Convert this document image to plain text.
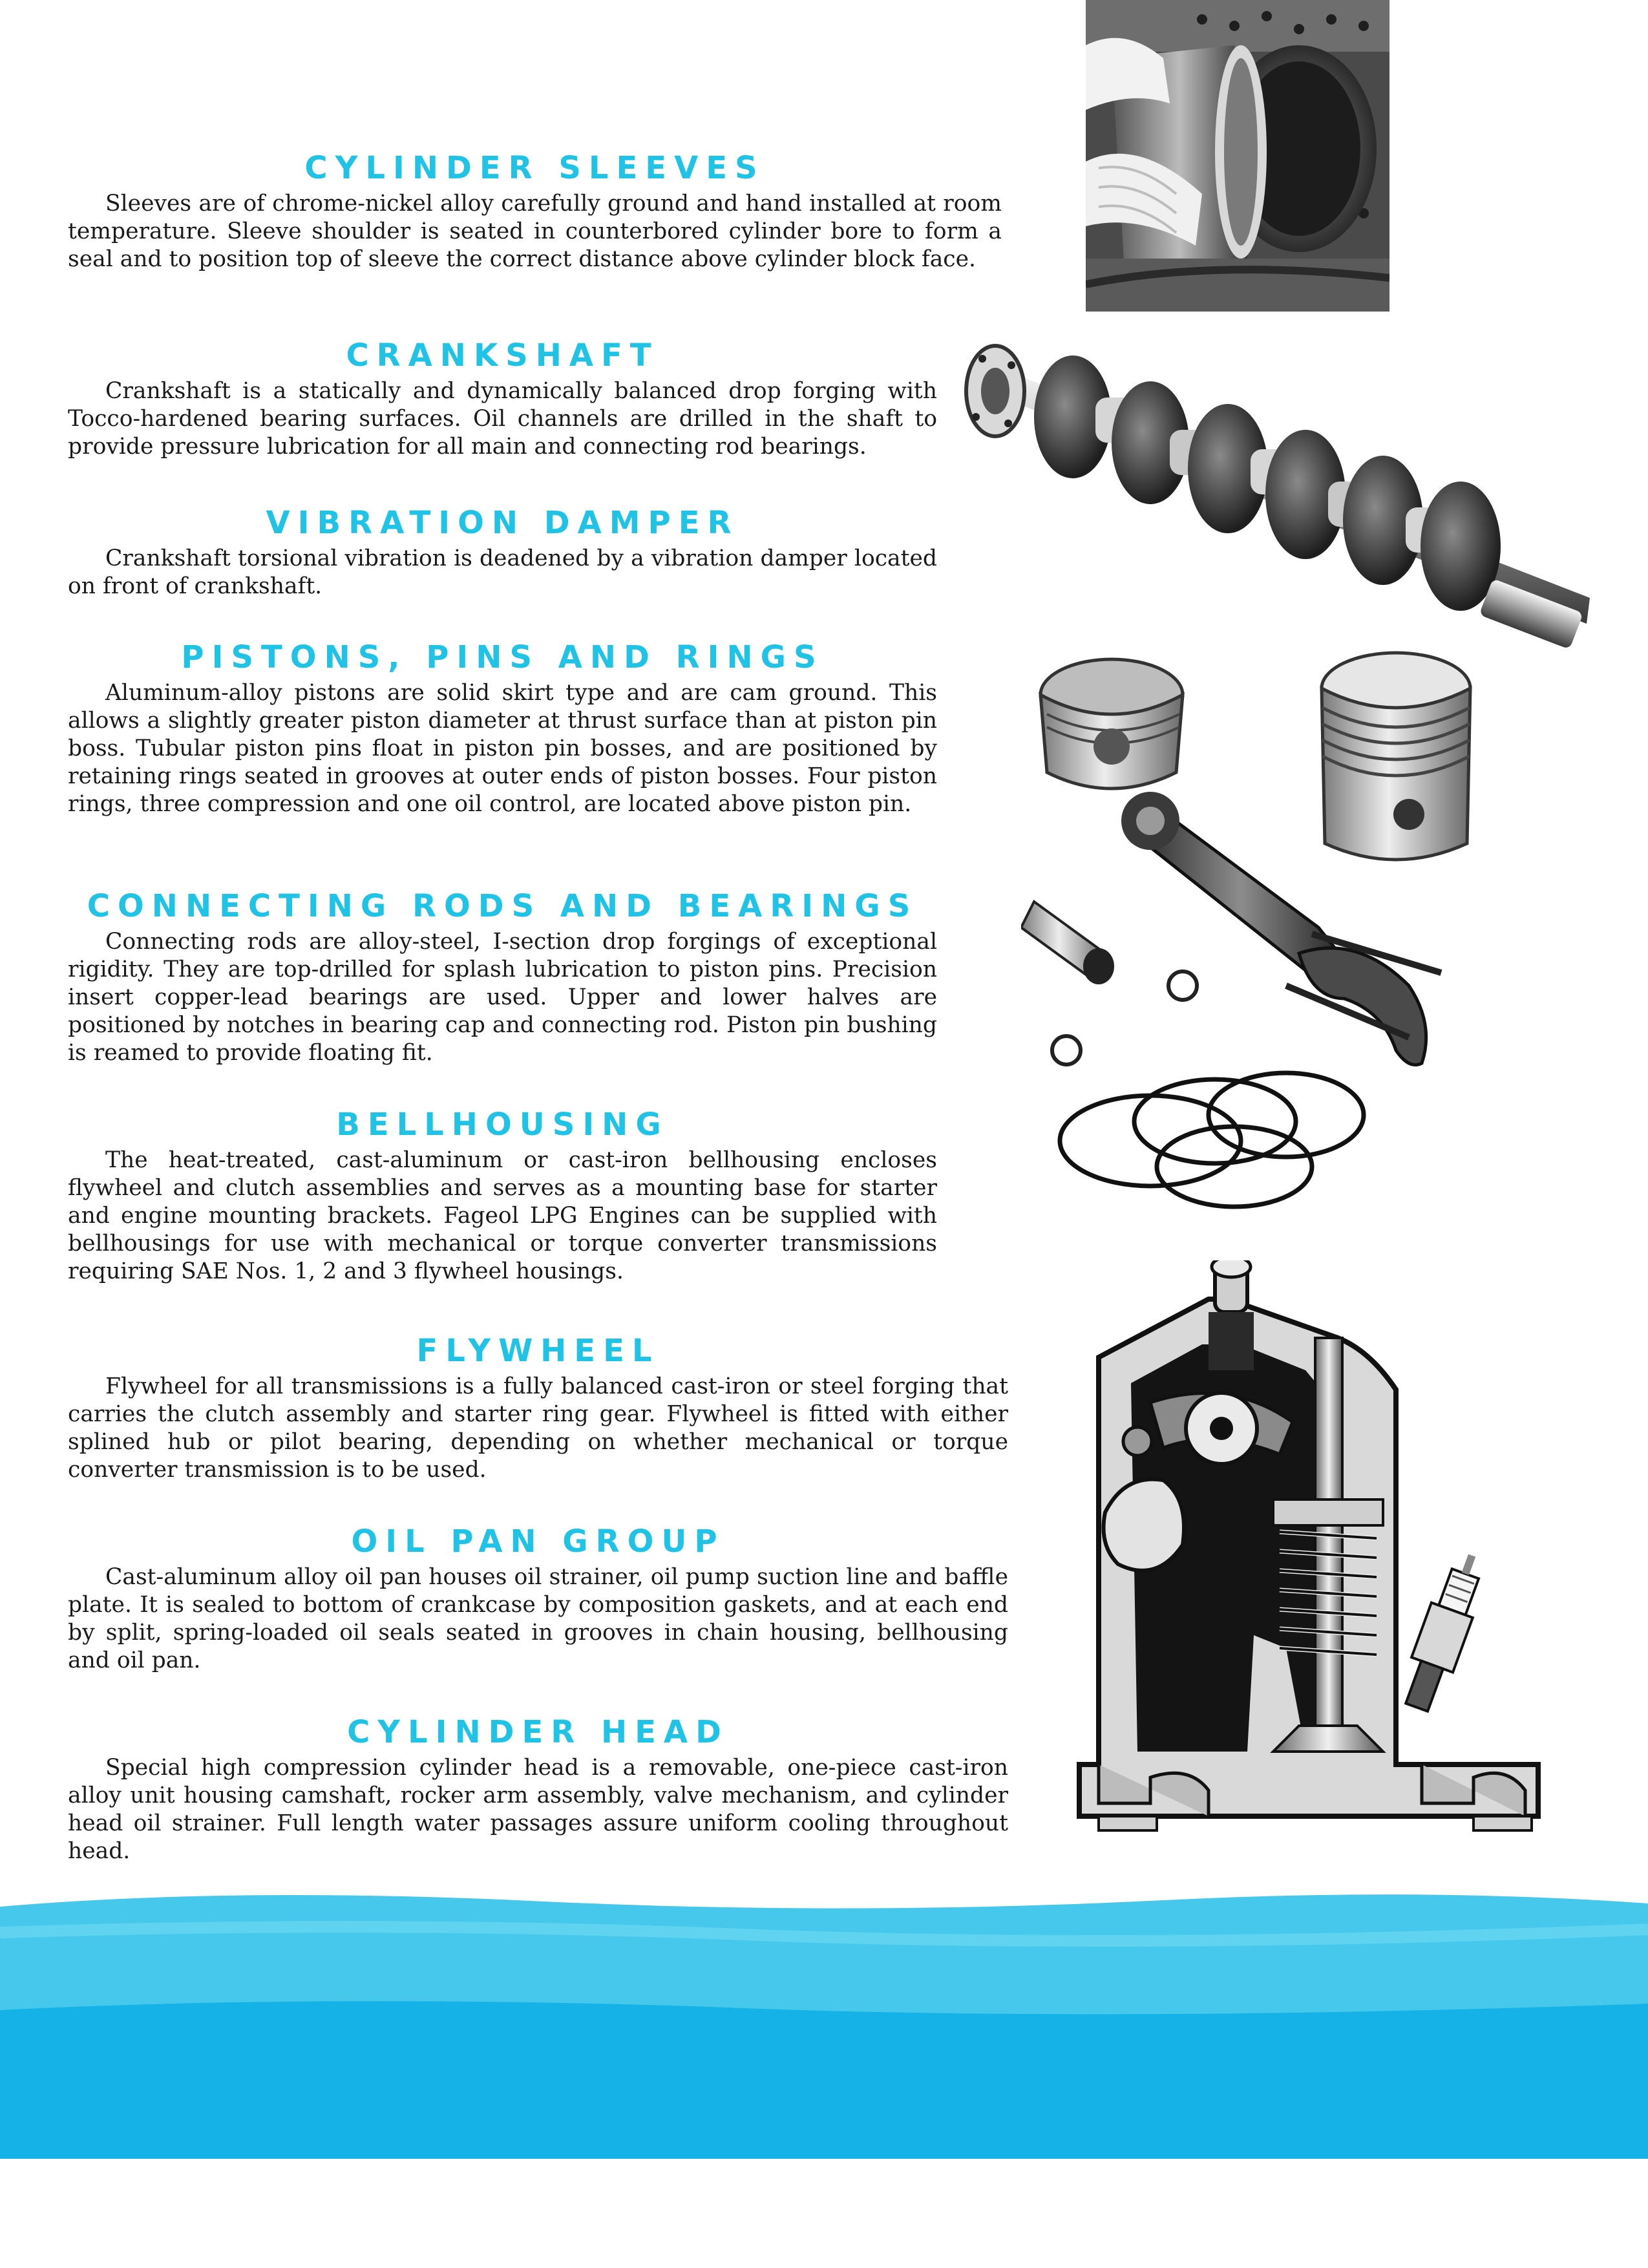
CYLINDER SLEEVES

Sleeves are of chrome-nickel alloy carefully ground and hand installed at room temperature. Sleeve shoulder is seated in counterbored cylinder bore to form a seal and to position top of sleeve the correct distance above cylinder block face.

CRANKSHAFT

Crankshaft is a statically and dynamically balanced drop forging with Tocco-hardened bearing surfaces. Oil channels are drilled in the shaft to provide pressure lubrication for all main and connecting rod bearings.

VIBRATION DAMPER

Crankshaft torsional vibration is deadened by a vibration damper located on front of crankshaft.

PISTONS, PINS AND RINGS

Aluminum-alloy pistons are solid skirt type and are cam ground. This allows a slightly greater piston diameter at thrust surface than at piston pin boss. Tubular piston pins float in piston pin bosses, and are positioned by retaining rings seated in grooves at outer ends of piston bosses. Four piston rings, three compression and one oil control, are located above piston pin.

CONNECTING RODS AND BEARINGS

Connecting rods are alloy-steel, I-section drop forgings of exceptional rigidity. They are top-drilled for splash lubrication to piston pins. Precision insert copper-lead bearings are used. Upper and lower halves are positioned by notches in bearing cap and connecting rod. Piston pin bushing is reamed to provide floating fit.

BELLHOUSING

The heat-treated, cast-aluminum or cast-iron bellhousing encloses flywheel and clutch assemblies and serves as a mounting base for starter and engine mounting brackets. Fageol LPG Engines can be supplied with bellhousings for use with mechanical or torque converter transmissions requiring SAE Nos. 1, 2 and 3 flywheel housings.

FLYWHEEL

Flywheel for all transmissions is a fully balanced cast-iron or steel forging that carries the clutch assembly and starter ring gear. Flywheel is fitted with either splined hub or pilot bearing, depending on whether mechanical or torque converter transmission is to be used.

OIL PAN GROUP

Cast-aluminum alloy oil pan houses oil strainer, oil pump suction line and baffle plate. It is sealed to bottom of crankcase by composition gaskets, and at each end by split, spring-loaded oil seals seated in grooves in chain housing, bellhousing and oil pan.

CYLINDER HEAD

Special high compression cylinder head is a removable, one-piece cast-iron alloy unit housing camshaft, rocker arm assembly, valve mechanism, and cylinder head oil strainer. Full length water passages assure uniform cooling throughout head.
